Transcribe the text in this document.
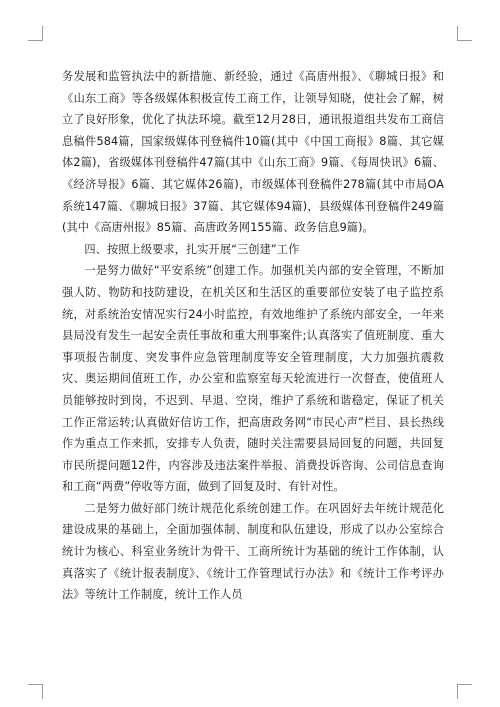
务发展和监管执法中的新措施、新经验，通过《高唐州报》、《聊城日报》和《山东工商》等各级媒体积极宣传工商工作，让领导知晓，使社会了解，树立了良好形象，优化了执法环境。截至12月28日，通讯报道组共发布工商信息稿件584篇，国家级媒体刊登稿件10篇(其中《中国工商报》8篇、其它媒体2篇)，省级媒体刊登稿件47篇(其中《山东工商》9篇、《每周快讯》6篇、《经济导报》6篇、其它媒体26篇)，市级媒体刊登稿件278篇(其中市局OA系统147篇、《聊城日报》37篇、其它媒体94篇)，县级媒体刊登稿件249篇(其中《高唐州报》85篇、高唐政务网155篇、政务信息9篇)。

四、按照上级要求，扎实开展“三创建”工作

一是努力做好“平安系统”创建工作。加强机关内部的安全管理，不断加强人防、物防和技防建设，在机关区和生活区的重要部位安装了电子监控系统，对系统治安情况实行24小时监控，有效地维护了系统内部安全，一年来县局没有发生一起安全责任事故和重大刑事案件;认真落实了值班制度、重大事项报告制度、突发事件应急管理制度等安全管理制度，大力加强抗震救灾、奥运期间值班工作，办公室和监察室每天轮流进行一次督查，使值班人员能够按时到岗，不迟到、早退、空岗，维护了系统和谐稳定，保证了机关工作正常运转;认真做好信访工作，把高唐政务网“市民心声”栏目、县长热线作为重点工作来抓，安排专人负责，随时关注需要县局回复的问题，共回复市民所提问题12件，内容涉及违法案件举报、消费投诉咨询、公司信息查询和工商“两费”停收等方面，做到了回复及时、有针对性。

二是努力做好部门统计规范化系统创建工作。在巩固好去年统计规范化建设成果的基础上，全面加强体制、制度和队伍建设，形成了以办公室综合统计为核心、科室业务统计为骨干、工商所统计为基础的统计工作体制，认真落实了《统计报表制度》、《统计工作管理试行办法》和《统计工作考评办法》等统计工作制度，统计工作人员
